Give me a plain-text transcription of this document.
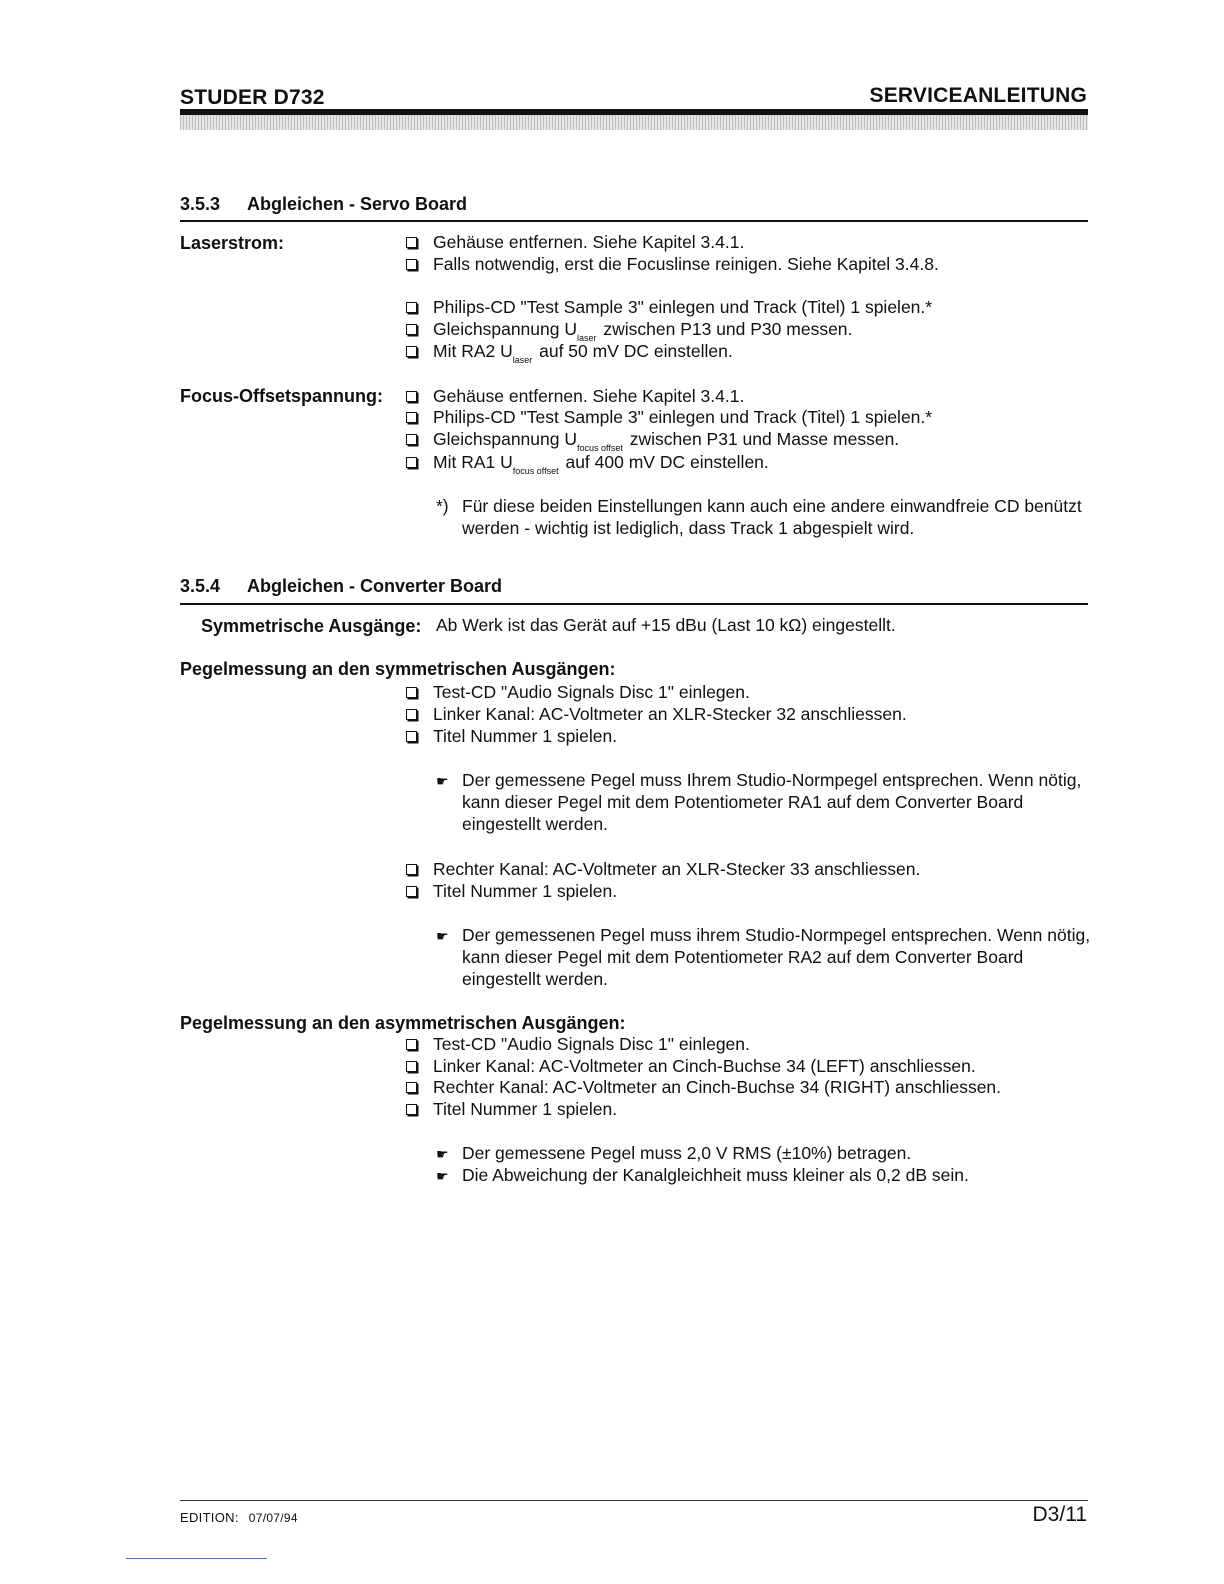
STUDER D732	SERVICEANLEITUNG
3.5.3 Abgleichen - Servo Board
Laserstrom:	Gehäuse entfernen. Siehe Kapitel 3.4.1.
Falls notwendig, erst die Focuslinse reinigen. Siehe Kapitel 3.4.8.
Philips-CD "Test Sample 3" einlegen und Track (Titel) 1 spielen.*
Gleichspannung $U_{laser}$ zwischen P13 und P30 messen.
Mit RA2 $U_{laser}$ auf 50 mV DC einstellen.
Focus-Offsetspannung:	Gehäuse entfernen. Siehe Kapitel 3.4.1.
Philips-CD "Test Sample 3" einlegen und Track (Titel) 1 spielen.*
Gleichspannung $U_{focus offset}$ zwischen P31 und Masse messen.
Mit RA1 $U_{focus offset}$ auf 400 mV DC einstellen.
*) Für diese beiden Einstellungen kann auch eine andere einwandfreie CD benützt werden - wichtig ist lediglich, dass Track 1 abgespielt wird.
3.5.4 Abgleichen - Converter Board
Symmetrische Ausgänge: Ab Werk ist das Gerät auf +15 dBu (Last 10 kΩ) eingestellt.
Pegelmessung an den symmetrischen Ausgängen:
Test-CD "Audio Signals Disc 1" einlegen.
Linker Kanal: AC-Voltmeter an XLR-Stecker 32 anschliessen.
Titel Nummer 1 spielen.
☛ Der gemessene Pegel muss Ihrem Studio-Normpegel entsprechen. Wenn nötig, kann dieser Pegel mit dem Potentiometer RA1 auf dem Converter Board eingestellt werden.
Rechter Kanal: AC-Voltmeter an XLR-Stecker 33 anschliessen.
Titel Nummer 1 spielen.
☛ Der gemessenen Pegel muss ihrem Studio-Normpegel entsprechen. Wenn nötig, kann dieser Pegel mit dem Potentiometer RA2 auf dem Converter Board eingestellt werden.
Pegelmessung an den asymmetrischen Ausgängen:
Test-CD "Audio Signals Disc 1" einlegen.
Linker Kanal: AC-Voltmeter an Cinch-Buchse 34 (LEFT) anschliessen.
Rechter Kanal: AC-Voltmeter an Cinch-Buchse 34 (RIGHT) anschliessen.
Titel Nummer 1 spielen.
☛ Der gemessene Pegel muss 2,0 V RMS (±10%) betragen.
☛ Die Abweichung der Kanalgleichheit muss kleiner als 0,2 dB sein.
EDITION: 07/07/94	D3/11
